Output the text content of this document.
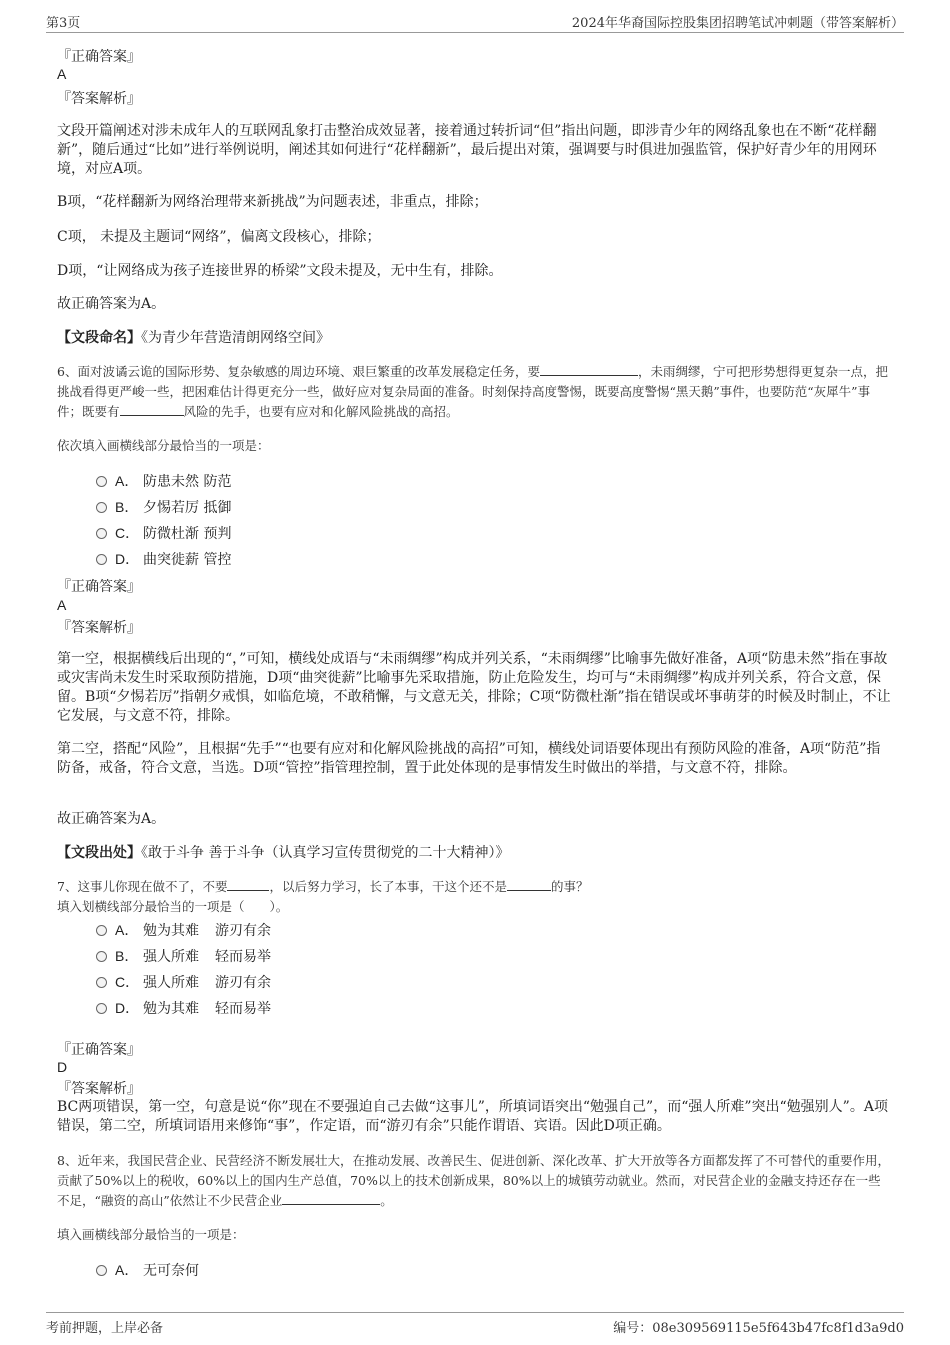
第3页	2024年华裔国际控股集团招聘笔试冲刺题（带答案解析）
『正确答案』
A
『答案解析』
文段开篇阐述对涉未成年人的互联网乱象打击整治成效显著，接着通过转折词“但”指出问题，即涉青少年的网络乱象也在不断“花样翻新”，随后通过“比如”进行举例说明，阐述其如何进行“花样翻新”，最后提出对策，强调要与时俱进加强监管，保护好青少年的用网环境，对应A项。
B项，“花样翻新为网络治理带来新挑战”为问题表述，非重点，排除；
C项， 未提及主题词“网络”，偏离文段核心，排除；
D项，“让网络成为孩子连接世界的桥梁”文段未提及，无中生有，排除。
故正确答案为A。
【文段命名】《为青少年营造清朗网络空间》
6、面对波谲云诡的国际形势、复杂敏感的周边环境、艰巨繁重的改革发展稳定任务，要	，未雨绸缪，宁可把形势想得更复杂一点，把挑战看得更严峻一些，把困难估计得更充分一些，做好应对复杂局面的准备。时刻保持高度警惕，既要高度警惕“黑天鹅”事件，也要防范“灰犀牛”事件；既要有	风险的先手，也要有应对和化解风险挑战的高招。
依次填入画横线部分最恰当的一项是：
A． 防患未然 防范
B． 夕惕若厉 抵御
C． 防微杜渐 预判
D． 曲突徙薪 管控
『正确答案』
A
『答案解析』
第一空，根据横线后出现的“，”可知，横线处成语与“未雨绸缪”构成并列关系，“未雨绸缪”比喻事先做好准备，A项“防患未然”指在事故或灾害尚未发生时采取预防措施，D项“曲突徙薪”比喻事先采取措施，防止危险发生，均可与“未雨绸缪”构成并列关系，符合文意，保留。B项“夕惕若厉”指朝夕戒惧，如临危境，不敢稍懈，与文意无关，排除；C项“防微杜渐”指在错误或坏事萌芽的时候及时制止，不让它发展，与文意不符，排除。
第二空，搭配“风险”，且根据“先手”“也要有应对和化解风险挑战的高招”可知，横线处词语要体现出有预防风险的准备，A项“防范”指防备，戒备，符合文意，当选。D项“管控”指管理控制，置于此处体现的是事情发生时做出的举措，与文意不符，排除。
故正确答案为A。
【文段出处】《敢于斗争 善于斗争（认真学习宣传贯彻党的二十大精神）》
7、这事儿你现在做不了，不要	，以后努力学习，长了本事，干这个还不是	的事？
填入划横线部分最恰当的一项是（　　）。
A． 勉为其难 游刃有余
B． 强人所难 轻而易举
C． 强人所难 游刃有余
D． 勉为其难 轻而易举
『正确答案』
D
『答案解析』
BC两项错误，第一空，句意是说“你”现在不要强迫自己去做“这事儿”，所填词语突出“勉强自己”，而“强人所难”突出“勉强别人”。A项错误，第二空，所填词语用来修饰“事”，作定语，而“游刃有余”只能作谓语、宾语。因此D项正确。
8、近年来，我国民营企业、民营经济不断发展壮大，在推动发展、改善民生、促进创新、深化改革、扩大开放等各方面都发挥了不可替代的重要作用，贡献了50%以上的税收，60%以上的国内生产总值，70%以上的技术创新成果，80%以上的城镇劳动就业。然而，对民营企业的金融支持还存在一些不足，“融资的高山”依然让不少民营企业	。
填入画横线部分最恰当的一项是：
A． 无可奈何
考前押题，上岸必备	编号：08e309569115e5f643b47fc8f1d3a9d0
